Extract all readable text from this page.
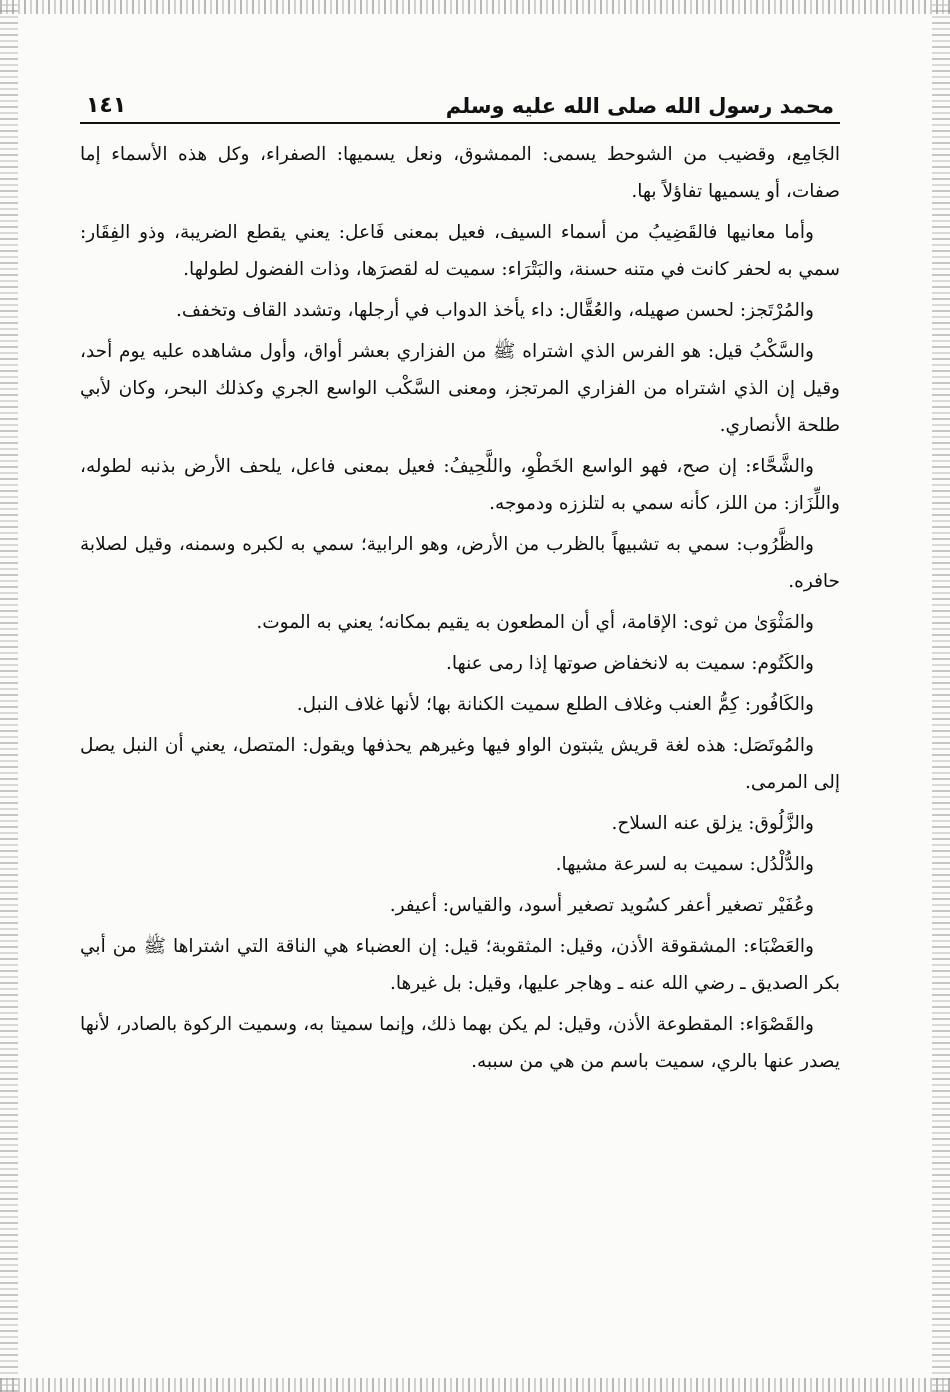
محمد رسول الله صلى الله عليه وسلم
١٤١

الجَامِع، وقضيب من الشوحط يسمى: الممشوق، ونعل يسميها: الصفراء، وكل هذه الأسماء إما صفات، أو يسميها تفاؤلاً بها.

وأما معانيها فالقَضِيبُ من أسماء السيف، فعيل بمعنى فَاعل: يعني يقطع الضريبة، وذو الفِقَار: سمي به لحفر كانت في متنه حسنة، والبَتْرَاء: سميت له لقصرَها، وذات الفضول لطولها.

والمُرْتَجز: لحسن صهيله، والعُقَّال: داء يأخذ الدواب في أرجلها، وتشدد القاف وتخفف.

والسَّكْبُ قيل: هو الفرس الذي اشتراه ﷺ من الفزاري بعشر أواق، وأول مشاهده عليه يوم أحد، وقيل إن الذي اشتراه من الفزاري المرتجز، ومعنى السَّكْب الواسع الجري وكذلك البحر، وكان لأبي طلحة الأنصاري.

والشَّحَّاء: إن صح، فهو الواسع الخَطْوِ، واللَّحِيفُ: فعيل بمعنى فاعل، يلحف الأرض بذنبه لطوله، واللِّزَاز: من اللز، كأنه سمي به لتلززه ودموجه.

والظَّرُوب: سمي به تشبيهاً بالظرب من الأرض، وهو الرابية؛ سمي به لكبره وسمنه، وقيل لصلابة حافره.

والمَثْوَىٰ من ثوى: الإقامة، أي أن المطعون به يقيم بمكانه؛ يعني به الموت.

والكَتُوم: سميت به لانخفاض صوتها إذا رمى عنها.

والكَافُور: كِمُّ العنب وغلاف الطلع سميت الكنانة بها؛ لأنها غلاف النبل.

والمُوتَصَل: هذه لغة قريش يثبتون الواو فيها وغيرهم يحذفها ويقول: المتصل، يعني أن النبل يصل إلى المرمى.

والزَّلُوق: يزلق عنه السلاح.

والدُّلْدُل: سميت به لسرعة مشيها.

وعُفَيْر تصغير أعفر كسُويد تصغير أسود، والقياس: أعيفر.

والعَضْبَاء: المشقوقة الأذن، وقيل: المثقوبة؛ قيل: إن العضباء هي الناقة التي اشتراها ﷺ من أبي بكر الصديق ـ رضي الله عنه ـ وهاجر عليها، وقيل: بل غيرها.

والقَصْوَاء: المقطوعة الأذن، وقيل: لم يكن بهما ذلك، وإنما سميتا به، وسميت الركوة بالصادر، لأنها يصدر عنها بالري، سميت باسم من هي من سببه.
